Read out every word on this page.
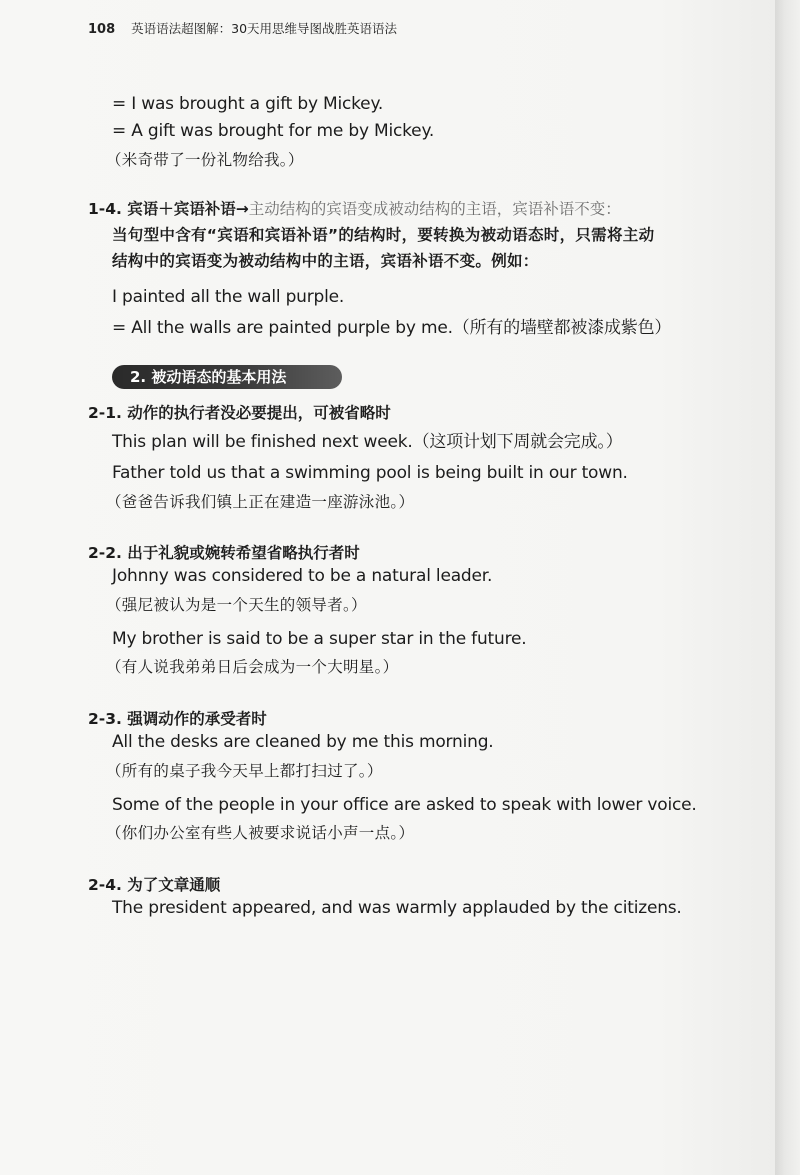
108 英语语法超图解：30天用思维导图战胜英语语法
= I was brought a gift by Mickey.
= A gift was brought for me by Mickey.
（米奇带了一份礼物给我。）
1-4. 宾语＋宾语补语→主动结构的宾语变成被动结构的主语，宾语补语不变：
当句型中含有“宾语和宾语补语”的结构时，要转换为被动语态时，只需将主动
结构中的宾语变为被动结构中的主语，宾语补语不变。例如：
I painted all the wall purple.
= All the walls are painted purple by me.（所有的墙壁都被漆成紫色）
2. 被动语态的基本用法
2-1. 动作的执行者没必要提出，可被省略时
This plan will be finished next week.（这项计划下周就会完成。）
Father told us that a swimming pool is being built in our town.
（爸爸告诉我们镇上正在建造一座游泳池。）
2-2. 出于礼貌或婉转希望省略执行者时
Johnny was considered to be a natural leader.
（强尼被认为是一个天生的领导者。）
My brother is said to be a super star in the future.
（有人说我弟弟日后会成为一个大明星。）
2-3. 强调动作的承受者时
All the desks are cleaned by me this morning.
（所有的桌子我今天早上都打扫过了。）
Some of the people in your office are asked to speak with lower voice.
（你们办公室有些人被要求说话小声一点。）
2-4. 为了文章通顺
The president appeared, and was warmly applauded by the citizens.
